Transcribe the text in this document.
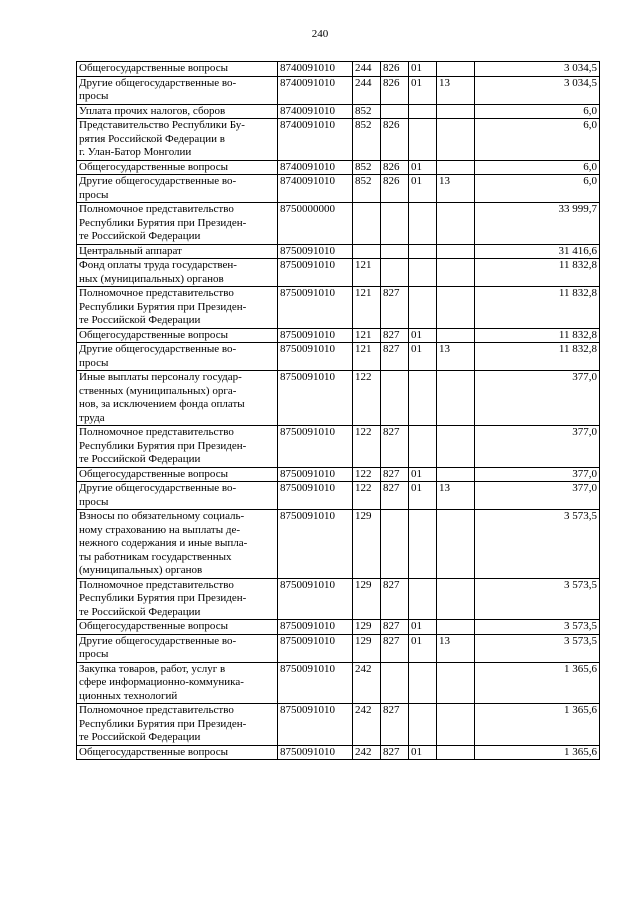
240
Общегосударственные вопросы	8740091010	244	826	01		3 034,5
Другие общегосударственные во-
просы	8740091010	244	826	01	13	3 034,5
Уплата прочих налогов, сборов	8740091010	852				6,0
Представительство Республики Бу-
рятия Российской Федерации в
г. Улан-Батор Монголии	8740091010	852	826			6,0
Общегосударственные вопросы	8740091010	852	826	01		6,0
Другие общегосударственные во-
просы	8740091010	852	826	01	13	6,0
Полномочное представительство
Республики Бурятия при Президен-
те Российской Федерации	8750000000					33 999,7
Центральный аппарат	8750091010					31 416,6
Фонд оплаты труда государствен-
ных (муниципальных) органов	8750091010	121				11 832,8
Полномочное представительство
Республики Бурятия при Президен-
те Российской Федерации	8750091010	121	827			11 832,8
Общегосударственные вопросы	8750091010	121	827	01		11 832,8
Другие общегосударственные во-
просы	8750091010	121	827	01	13	11 832,8
Иные выплаты персоналу государ-
ственных (муниципальных) орга-
нов, за исключением фонда оплаты
труда	8750091010	122				377,0
Полномочное представительство
Республики Бурятия при Президен-
те Российской Федерации	8750091010	122	827			377,0
Общегосударственные вопросы	8750091010	122	827	01		377,0
Другие общегосударственные во-
просы	8750091010	122	827	01	13	377,0
Взносы по обязательному социаль-
ному страхованию на выплаты де-
нежного содержания и иные выпла-
ты работникам государственных
(муниципальных) органов	8750091010	129				3 573,5
Полномочное представительство
Республики Бурятия при Президен-
те Российской Федерации	8750091010	129	827			3 573,5
Общегосударственные вопросы	8750091010	129	827	01		3 573,5
Другие общегосударственные во-
просы	8750091010	129	827	01	13	3 573,5
Закупка товаров, работ, услуг в
сфере информационно-коммуника-
ционных технологий	8750091010	242				1 365,6
Полномочное представительство
Республики Бурятия при Президен-
те Российской Федерации	8750091010	242	827			1 365,6
Общегосударственные вопросы	8750091010	242	827	01		1 365,6
